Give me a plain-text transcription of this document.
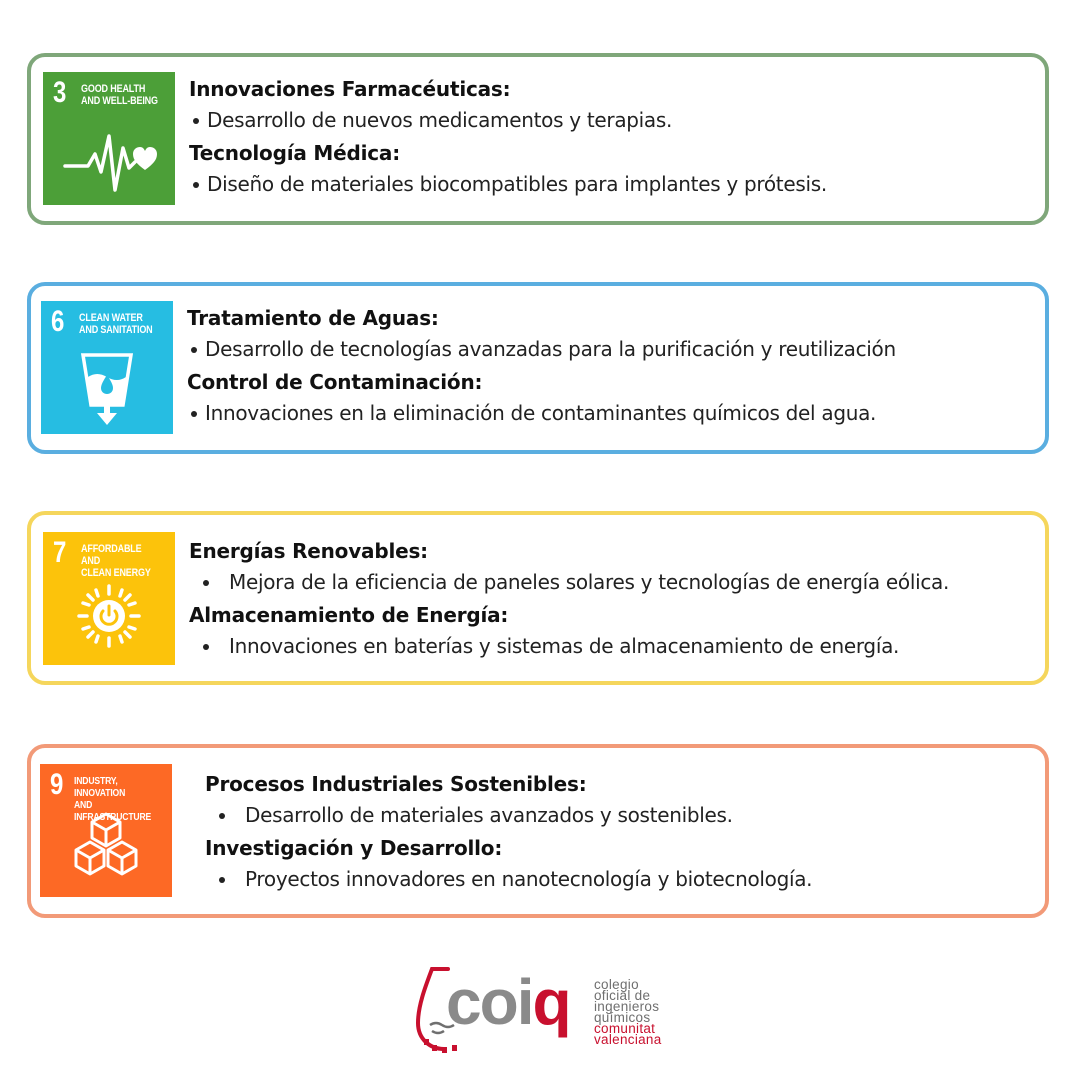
3 GOOD HEALTH
AND WELL-BEING Innovaciones Farmacéuticas:
Desarrollo de nuevos medicamentos y terapias.
Tecnología Médica:
Diseño de materiales biocompatibles para implantes y prótesis.
6 CLEAN WATER
AND SANITATION Tratamiento de Aguas:
Desarrollo de tecnologías avanzadas para la purificación y reutilización
Control de Contaminación:
Innovaciones en la eliminación de contaminantes químicos del agua.
7 AFFORDABLE AND
CLEAN ENERGY
Energías Renovables:
Mejora de la eficiencia de paneles solares y tecnologías de energía eólica.
Almacenamiento de Energía:
Innovaciones en baterías y sistemas de almacenamiento de energía.
9 INDUSTRY, INNOVATION
AND INFRASTRUCTURE
Procesos Industriales Sostenibles:
Desarrollo de materiales avanzados y sostenibles.
Investigación y Desarrollo:
Proyectos innovadores en nanotecnología y biotecnología.
coiq colegio
oficial de
ingenieros
químicos
comunitat
valenciana
